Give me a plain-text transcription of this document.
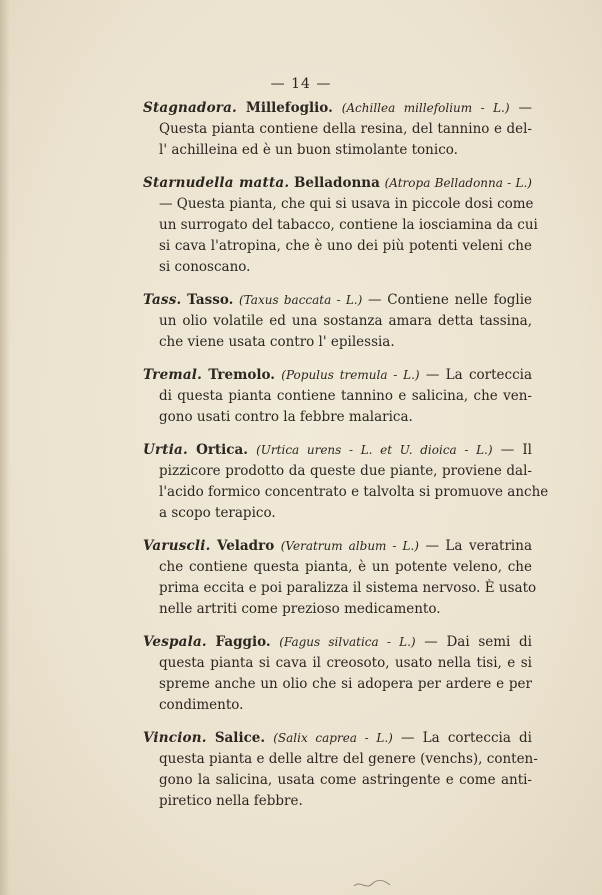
— 14 —
Stagnadora. Millefoglio. (Achillea millefolium - L.) —
Questa pianta contiene della resina, del tannino e del-
l' achilleina ed è un buon stimolante tonico.
Starnudella matta. Belladonna (Atropa Belladonna - L.)
— Questa pianta, che qui si usava in piccole dosi come
un surrogato del tabacco, contiene la iosciamina da cui
si cava l'atropina, che è uno dei più potenti veleni che
si conoscano.
Tass. Tasso. (Taxus baccata - L.) — Contiene nelle foglie
un olio volatile ed una sostanza amara detta tassina,
che viene usata contro l' epilessia.
Tremal. Tremolo. (Populus tremula - L.) — La corteccia
di questa pianta contiene tannino e salicina, che ven-
gono usati contro la febbre malarica.
Urtia. Ortica. (Urtica urens - L. et U. dioica - L.) — Il
pizzicore prodotto da queste due piante, proviene dal-
l'acido formico concentrato e talvolta si promuove anche
a scopo terapico.
Varuscli. Veladro (Veratrum album - L.) — La veratrina
che contiene questa pianta, è un potente veleno, che
prima eccita e poi paralizza il sistema nervoso. È usato
nelle artriti come prezioso medicamento.
Vespala. Faggio. (Fagus silvatica - L.) — Dai semi di
questa pianta si cava il creosoto, usato nella tisi, e si
spreme anche un olio che si adopera per ardere e per
condimento.
Vincion. Salice. (Salix caprea - L.) — La corteccia di
questa pianta e delle altre del genere (venchs), conten-
gono la salicina, usata come astringente e come anti-
piretico nella febbre.
